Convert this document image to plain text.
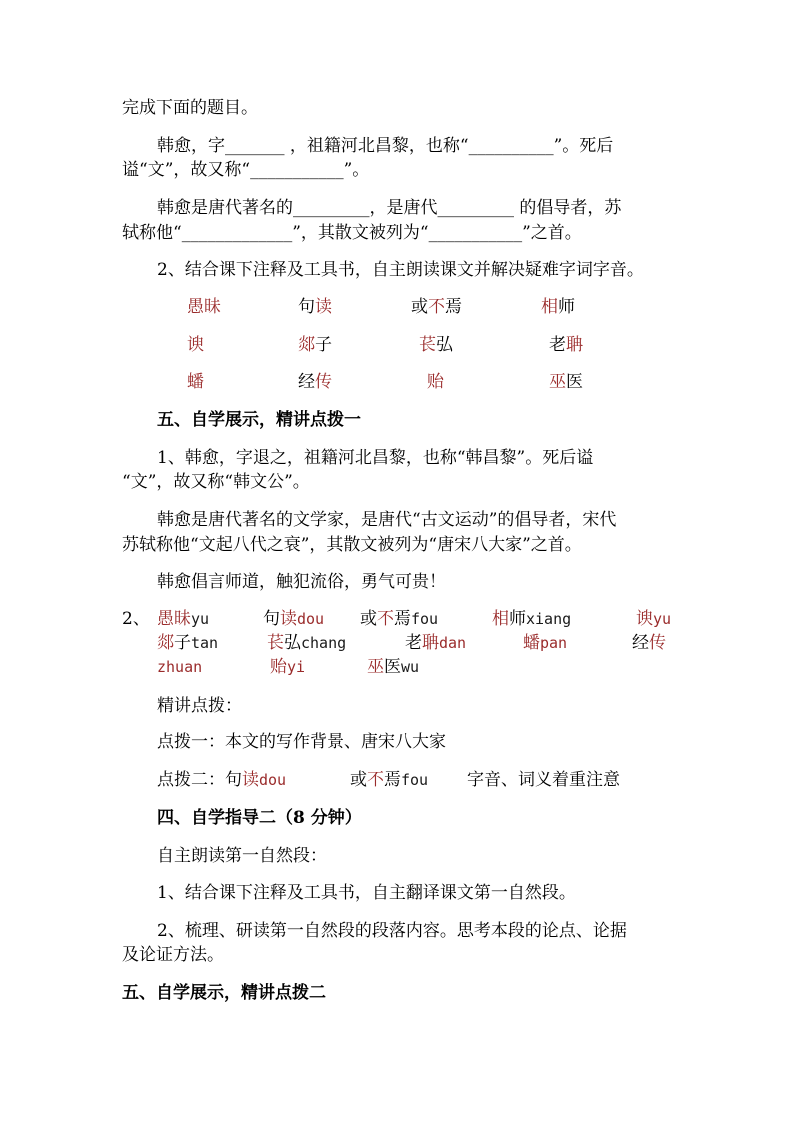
完成下面的题目。
韩愈，字_______ ，祖籍河北昌黎，也称“__________”。死后
谥“文”，故又称“___________”。
韩愈是唐代著名的_________，是唐代_________ 的倡导者，苏
轼称他“_____________”，其散文被列为“___________”之首。
2、结合课下注释及工具书，自主朗读课文并解决疑难字词字音。
愚昧	句读	或不焉	相师
谀	郯子	苌弘	老聃
蟠	经传	贻	巫医
五、自学展示，精讲点拨一
1、韩愈，字退之，祖籍河北昌黎，也称“韩昌黎”。死后谥
“文”，故又称“韩文公”。
韩愈是唐代著名的文学家，是唐代“古文运动”的倡导者，宋代
苏轼称他“文起八代之衰”，其散文被列为“唐宋八大家”之首。
韩愈倡言师道，触犯流俗，勇气可贵！
2、 愚昧yu	句读dou 或不焉fou	相师xiang	谀yu
郯子tan	苌弘chang	老聃dan	蟠pan	经传
zhuan	贻yi	巫医wu
精讲点拨：
点拨一：本文的写作背景、唐宋八大家
点拨二：句读dou	或不焉fou 字音、词义着重注意
四、自学指导二（8 分钟）
自主朗读第一自然段：
1、结合课下注释及工具书，自主翻译课文第一自然段。
2、梳理、研读第一自然段的段落内容。思考本段的论点、论据
及论证方法。
五、自学展示，精讲点拨二
